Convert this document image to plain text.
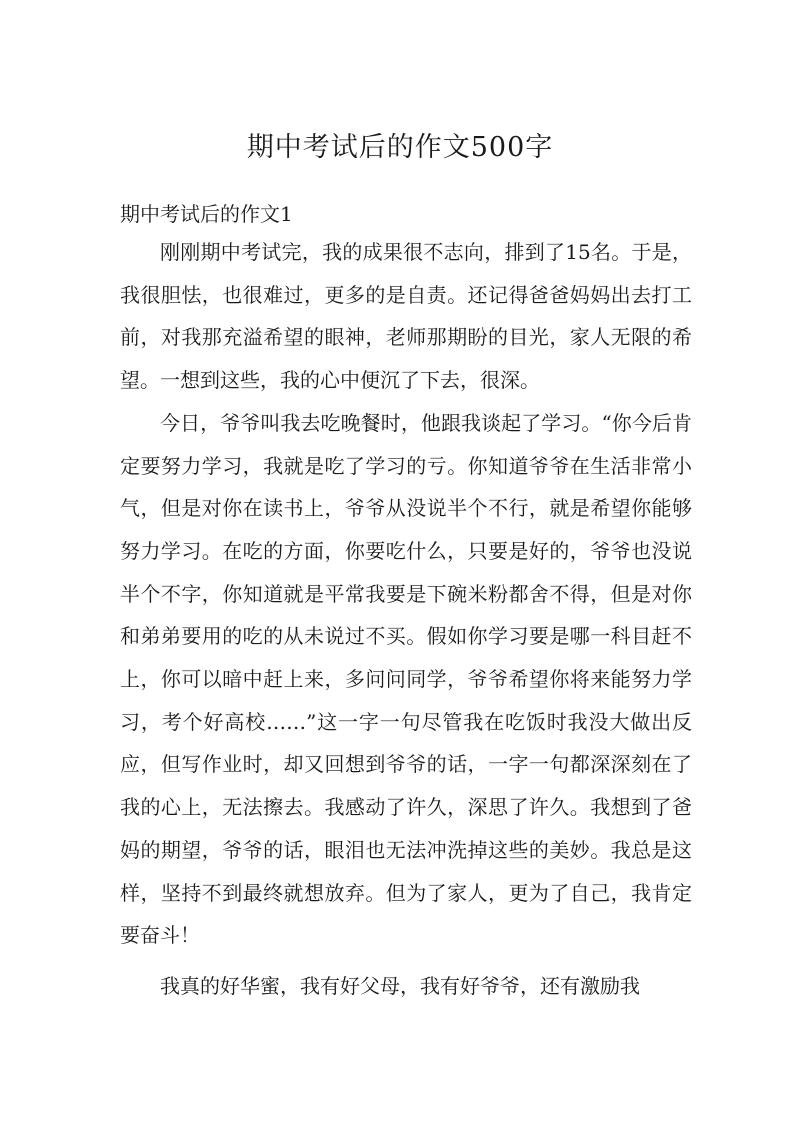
期中考试后的作文500字
期中考试后的作文1

刚刚期中考试完，我的成果很不志向，排到了15名。于是，我很胆怯，也很难过，更多的是自责。还记得爸爸妈妈出去打工前，对我那充溢希望的眼神，老师那期盼的目光，家人无限的希望。一想到这些，我的心中便沉了下去，很深。

今日，爷爷叫我去吃晚餐时，他跟我谈起了学习。“你今后肯定要努力学习，我就是吃了学习的亏。你知道爷爷在生活非常小气，但是对你在读书上，爷爷从没说半个不行，就是希望你能够努力学习。在吃的方面，你要吃什么，只要是好的，爷爷也没说半个不字，你知道就是平常我要是下碗米粉都舍不得，但是对你和弟弟要用的吃的从未说过不买。假如你学习要是哪一科目赶不上，你可以暗中赶上来，多问问同学，爷爷希望你将来能努力学习，考个好高校……”这一字一句尽管我在吃饭时我没大做出反应，但写作业时，却又回想到爷爷的话，一字一句都深深刻在了我的心上，无法擦去。我感动了许久，深思了许久。我想到了爸妈的期望，爷爷的话，眼泪也无法冲洗掉这些的美妙。我总是这样，坚持不到最终就想放弃。但为了家人，更为了自己，我肯定要奋斗！

我真的好华蜜，我有好父母，我有好爷爷，还有激励我
